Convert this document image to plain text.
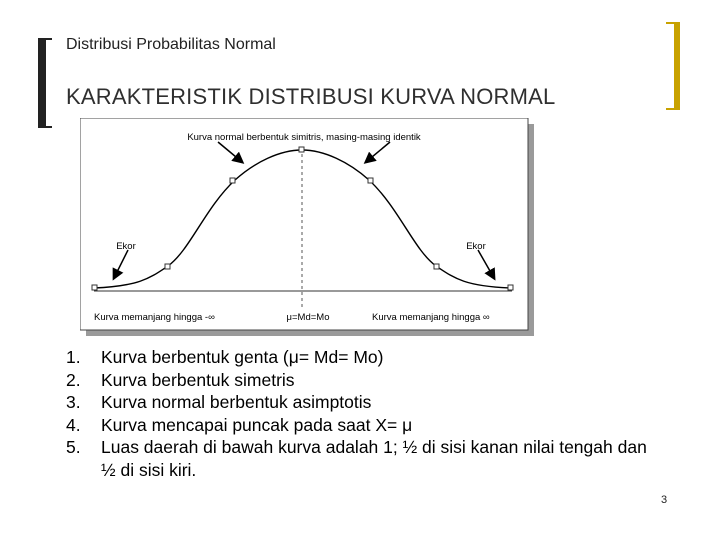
Distribusi Probabilitas Normal
KARAKTERISTIK DISTRIBUSI KURVA NORMAL
Kurva normal berbentuk simitris, masing-masing identik
Ekor	Ekor
Kurva memanjang hingga -∞	μ=Md=Mo	Kurva memanjang hingga ∞
1. Kurva berbentuk genta (μ= Md= Mo)
2. Kurva berbentuk simetris
3. Kurva normal berbentuk asimptotis
4. Kurva mencapai puncak pada saat X= μ
5. Luas daerah di bawah kurva adalah 1; ½ di sisi kanan nilai tengah dan ½ di sisi kiri.
3
